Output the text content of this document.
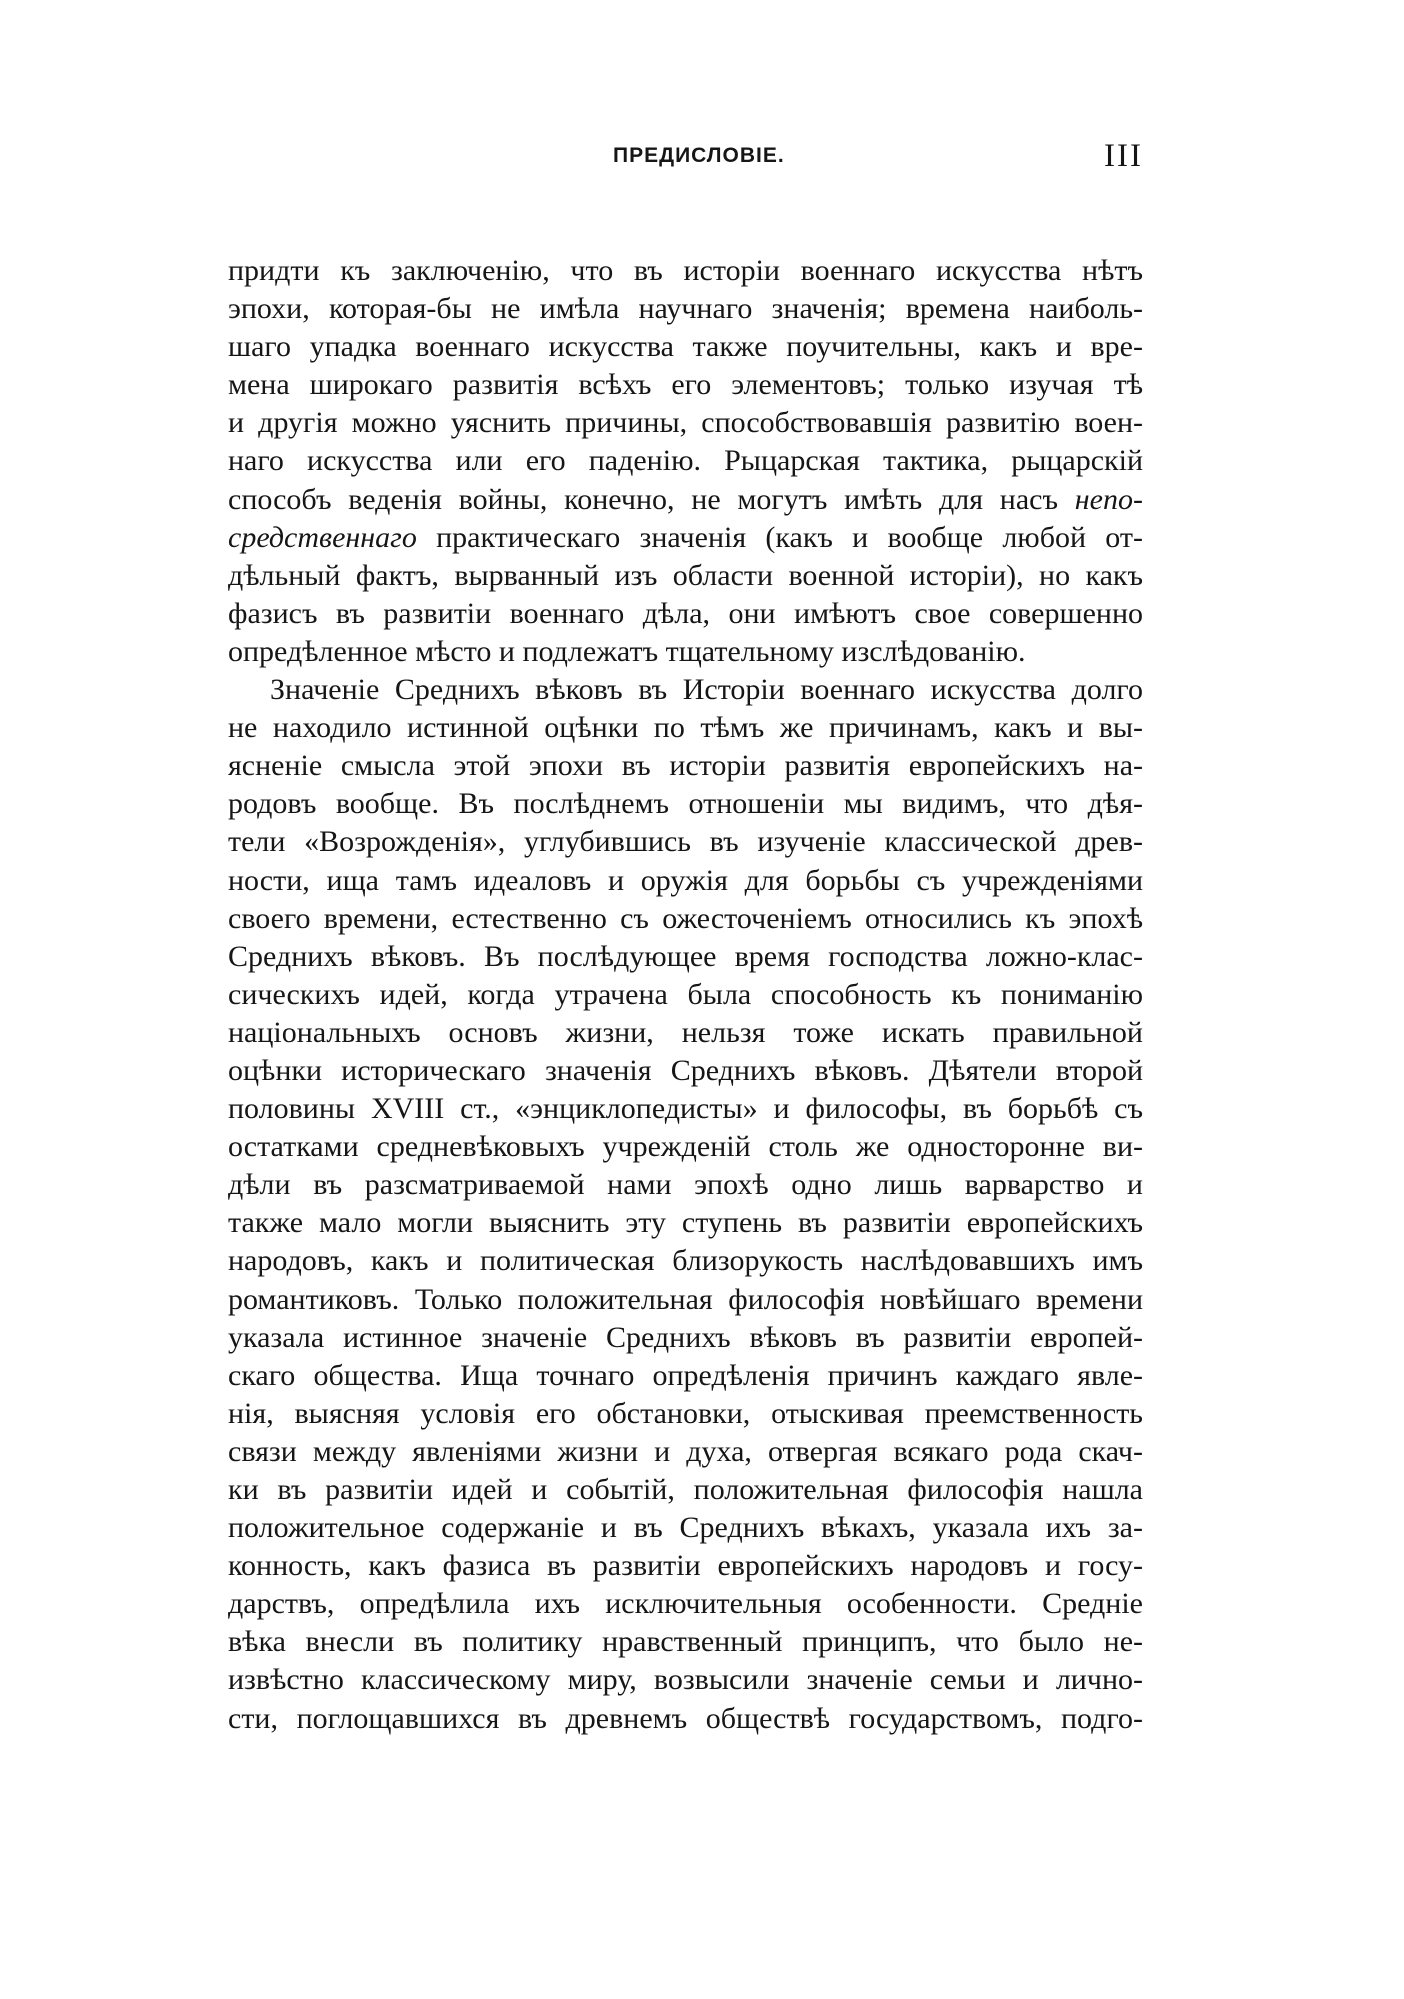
ПРЕДИСЛОВІЕ.	III
придти къ заключенію, что въ исторіи военнаго искусства нѣтъ
эпохи, которая-бы не имѣла научнаго значенія; времена наиболь-
шаго упадка военнаго искусства также поучительны, какъ и вре-
мена широкаго развитія всѣхъ его элементовъ; только изучая тѣ
и другія можно уяснить причины, способствовавшія развитію воен-
наго искусства или его паденію. Рыцарская тактика, рыцарскій
способъ веденія войны, конечно, не могутъ имѣть для насъ непо-
средственнаго практическаго значенія (какъ и вообще любой от-
дѣльный фактъ, вырванный изъ области военной исторіи), но какъ
фазисъ въ развитіи военнаго дѣла, они имѣютъ свое совершенно
опредѣленное мѣсто и подлежатъ тщательному изслѣдованію.
Значеніе Среднихъ вѣковъ въ Исторіи военнаго искусства долго
не находило истинной оцѣнки по тѣмъ же причинамъ, какъ и вы-
ясненіе смысла этой эпохи въ исторіи развитія европейскихъ на-
родовъ вообще. Въ послѣднемъ отношеніи мы видимъ, что дѣя-
тели «Возрожденія», углубившись въ изученіе классической древ-
ности, ища тамъ идеаловъ и оружія для борьбы съ учрежденіями
своего времени, естественно съ ожесточеніемъ относились къ эпохѣ
Среднихъ вѣковъ. Въ послѣдующее время господства ложно-клас-
сическихъ идей, когда утрачена была способность къ пониманію
національныхъ основъ жизни, нельзя тоже искать правильной
оцѣнки историческаго значенія Среднихъ вѣковъ. Дѣятели второй
половины XVIII ст., «энциклопедисты» и философы, въ борьбѣ съ
остатками средневѣковыхъ учрежденій столь же односторонне ви-
дѣли въ разсматриваемой нами эпохѣ одно лишь варварство и
также мало могли выяснить эту ступень въ развитіи европейскихъ
народовъ, какъ и политическая близорукость наслѣдовавшихъ имъ
романтиковъ. Только положительная философія новѣйшаго времени
указала истинное значеніе Среднихъ вѣковъ въ развитіи европей-
скаго общества. Ища точнаго опредѣленія причинъ каждаго явле-
нія, выясняя условія его обстановки, отыскивая преемственность
связи между явленіями жизни и духа, отвергая всякаго рода скач-
ки въ развитіи идей и событій, положительная философія нашла
положительное содержаніе и въ Среднихъ вѣкахъ, указала ихъ за-
конность, какъ фазиса въ развитіи европейскихъ народовъ и госу-
дарствъ, опредѣлила ихъ исключительныя особенности. Средніе
вѣка внесли въ политику нравственный принципъ, что было не-
извѣстно классическому миру, возвысили значеніе семьи и лично-
сти, поглощавшихся въ древнемъ обществѣ государствомъ, подго-
